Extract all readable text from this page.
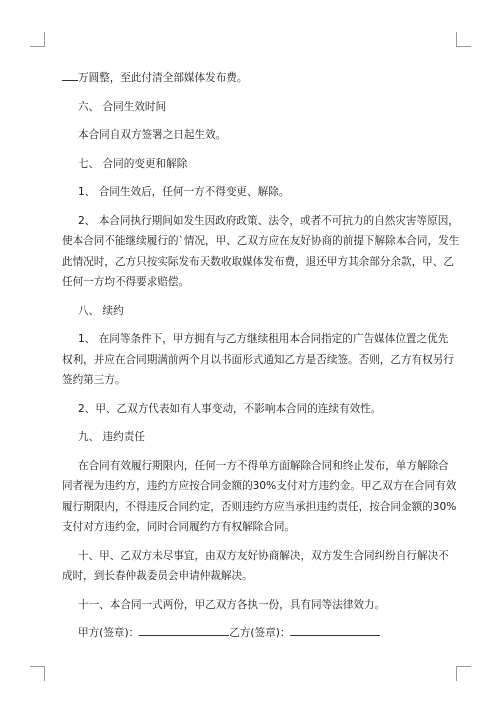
万圆整，至此付清全部媒体发布费。
六、 合同生效时间
本合同自双方签署之日起生效。
七、 合同的变更和解除
1、 合同生效后，任何一方不得变更、解除。
2、 本合同执行期间如发生因政府政策、法令，或者不可抗力的自然灾害等原因，
使本合同不能继续履行的`情况，甲、乙双方应在友好协商的前提下解除本合同，发生
此情况时，乙方只按实际发布天数收取媒体发布费，退还甲方其余部分余款，甲、乙
任何一方均不得要求赔偿。
八、 续约
1、 在同等条件下，甲方拥有与乙方继续租用本合同指定的广告媒体位置之优先
权利，并应在合同期满前两个月以书面形式通知乙方是否续签。否则，乙方有权另行
签约第三方。
2、甲、乙双方代表如有人事变动，不影响本合同的连续有效性。
九、 违约责任
在合同有效履行期限内，任何一方不得单方面解除合同和终止发布，单方解除合
同者视为违约方，违约方应按合同金额的30%支付对方违约金。甲乙双方在合同有效
履行期限内，不得违反合同约定，否则违约方应当承担违约责任，按合同金额的30%
支付对方违约金，同时合同履约方有权解除合同。
十、甲、乙双方未尽事宜，由双方友好协商解决，双方发生合同纠纷自行解决不
成时，到长春仲裁委员会申请仲裁解决。
十一、本合同一式两份，甲乙双方各执一份，具有同等法律效力。
甲方(签章)：	乙方(签章)：
